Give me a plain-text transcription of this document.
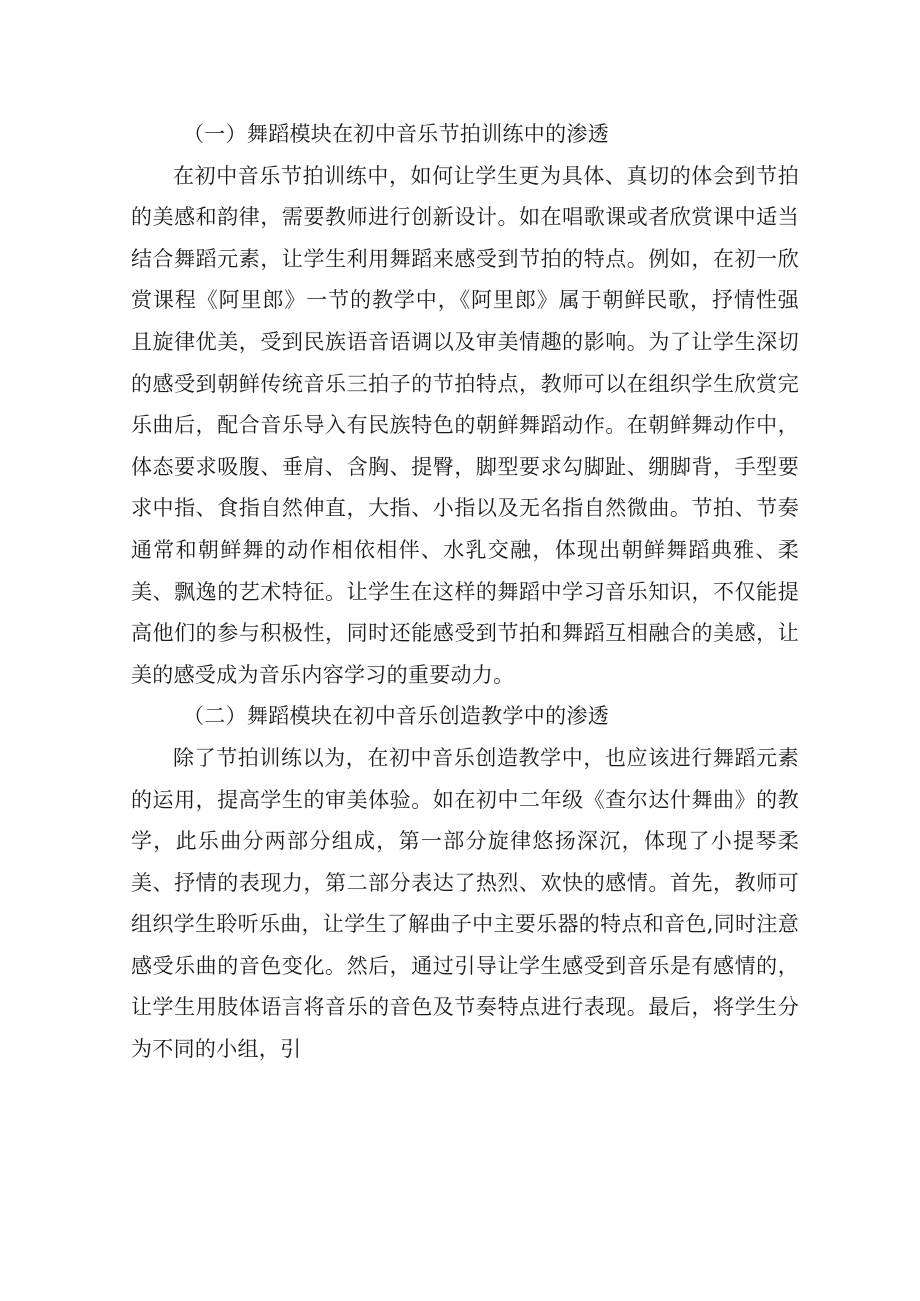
（一）舞蹈模块在初中音乐节拍训练中的渗透

在初中音乐节拍训练中，如何让学生更为具体、真切的体会到节拍的美感和韵律，需要教师进行创新设计。如在唱歌课或者欣赏课中适当结合舞蹈元素，让学生利用舞蹈来感受到节拍的特点。例如，在初一欣赏课程《阿里郎》一节的教学中，《阿里郎》属于朝鲜民歌，抒情性强且旋律优美，受到民族语音语调以及审美情趣的影响。为了让学生深切的感受到朝鲜传统音乐三拍子的节拍特点，教师可以在组织学生欣赏完乐曲后，配合音乐导入有民族特色的朝鲜舞蹈动作。在朝鲜舞动作中，体态要求吸腹、垂肩、含胸、提臀，脚型要求勾脚趾、绷脚背，手型要求中指、食指自然伸直，大指、小指以及无名指自然微曲。节拍、节奏通常和朝鲜舞的动作相依相伴、水乳交融，体现出朝鲜舞蹈典雅、柔美、飘逸的艺术特征。让学生在这样的舞蹈中学习音乐知识，不仅能提高他们的参与积极性，同时还能感受到节拍和舞蹈互相融合的美感，让美的感受成为音乐内容学习的重要动力。

（二）舞蹈模块在初中音乐创造教学中的渗透

除了节拍训练以为，在初中音乐创造教学中，也应该进行舞蹈元素的运用，提高学生的审美体验。如在初中二年级《查尔达什舞曲》的教学，此乐曲分两部分组成，第一部分旋律悠扬深沉，体现了小提琴柔美、抒情的表现力，第二部分表达了热烈、欢快的感情。首先，教师可组织学生聆听乐曲，让学生了解曲子中主要乐器的特点和音色,同时注意感受乐曲的音色变化。然后，通过引导让学生感受到音乐是有感情的，让学生用肢体语言将音乐的音色及节奏特点进行表现。最后，将学生分为不同的小组，引
